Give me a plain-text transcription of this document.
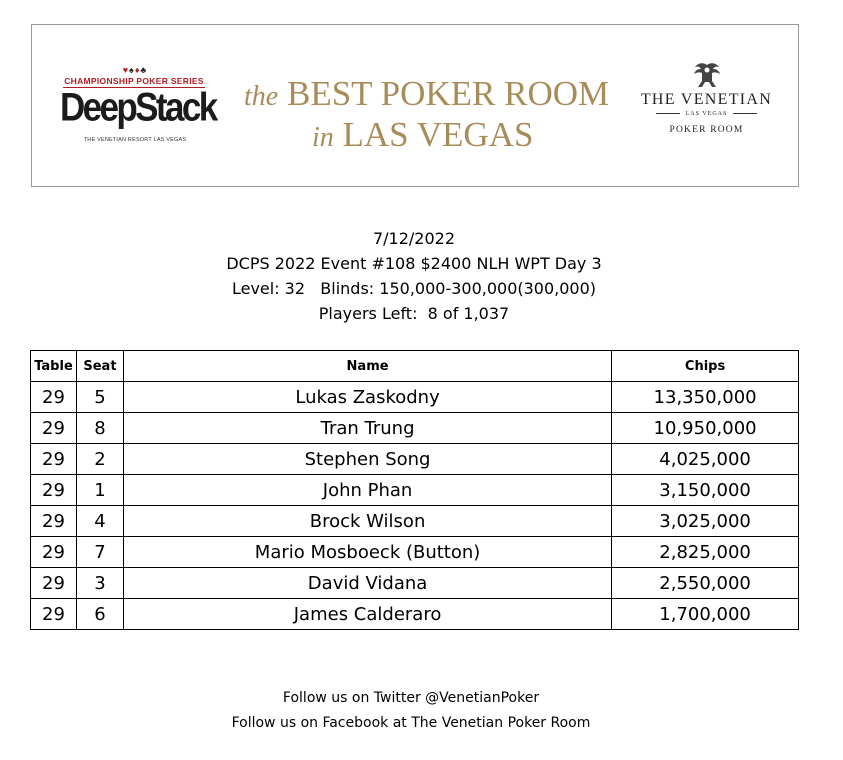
♥♠♦♣
CHAMPIONSHIP POKER SERIES
DeepStack
THE VENETIAN RESORT LAS VEGAS
the BEST POKER ROOM
in LAS VEGAS
THE VENETIAN
LAS VEGAS
POKER ROOM
7/12/2022
DCPS 2022 Event #108 $2400 NLH WPT Day 3
Level: 32   Blinds: 150,000-300,000(300,000)
Players Left:  8 of 1,037
Table	Seat	Name	Chips
29	5	Lukas Zaskodny	13,350,000
29	8	Tran Trung	10,950,000
29	2	Stephen Song	4,025,000
29	1	John Phan	3,150,000
29	4	Brock Wilson	3,025,000
29	7	Mario Mosboeck (Button)	2,825,000
29	3	David Vidana	2,550,000
29	6	James Calderaro	1,700,000
Follow us on Twitter @VenetianPoker
Follow us on Facebook at The Venetian Poker Room
